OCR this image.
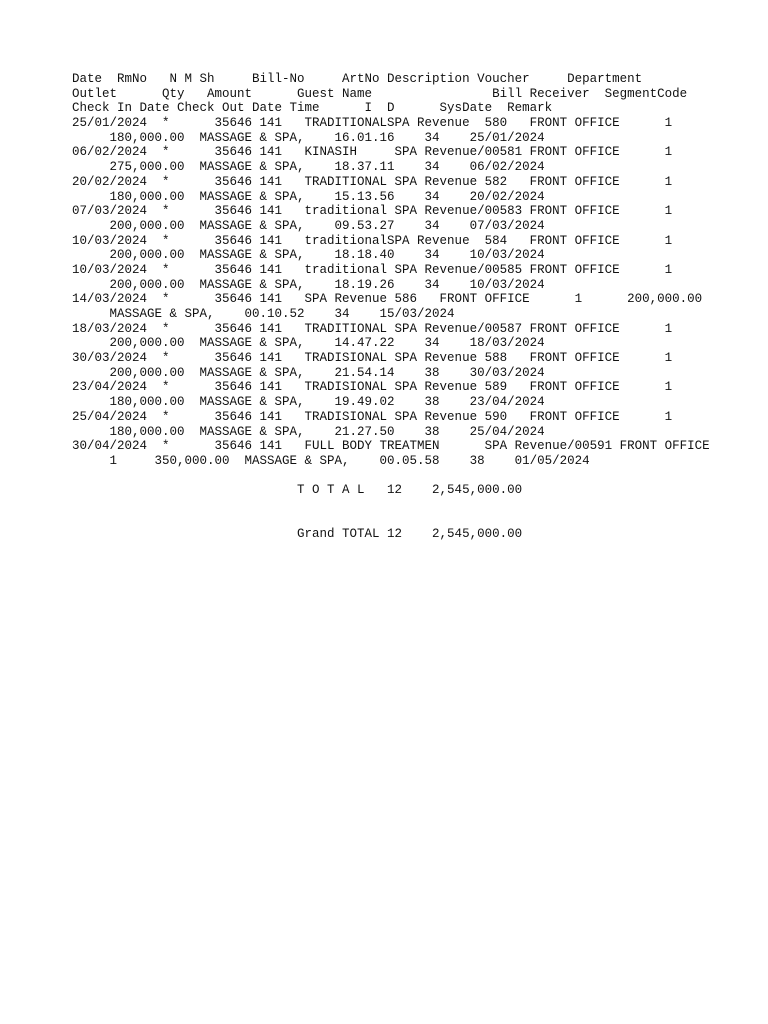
Date  RmNo   N M Sh     Bill-No     ArtNo Description Voucher     Department
Outlet      Qty   Amount      Guest Name                Bill Receiver  SegmentCode
Check In Date Check Out Date Time      I  D      SysDate  Remark
25/01/2024  *      35646 141   TRADITIONALSPA Revenue  580   FRONT OFFICE      1
180,000.00  MASSAGE & SPA,    16.01.16    34    25/01/2024
06/02/2024  *      35646 141   KINASIH     SPA Revenue/00581 FRONT OFFICE      1
275,000.00  MASSAGE & SPA,    18.37.11    34    06/02/2024
20/02/2024  *      35646 141   TRADITIONAL SPA Revenue 582   FRONT OFFICE      1
180,000.00  MASSAGE & SPA,    15.13.56    34    20/02/2024
07/03/2024  *      35646 141   traditional SPA Revenue/00583 FRONT OFFICE      1
200,000.00  MASSAGE & SPA,    09.53.27    34    07/03/2024
10/03/2024  *      35646 141   traditionalSPA Revenue  584   FRONT OFFICE      1
200,000.00  MASSAGE & SPA,    18.18.40    34    10/03/2024
10/03/2024  *      35646 141   traditional SPA Revenue/00585 FRONT OFFICE      1
200,000.00  MASSAGE & SPA,    18.19.26    34    10/03/2024
14/03/2024  *      35646 141   SPA Revenue 586   FRONT OFFICE      1      200,000.00
MASSAGE & SPA,    00.10.52    34    15/03/2024
18/03/2024  *      35646 141   TRADITIONAL SPA Revenue/00587 FRONT OFFICE      1
200,000.00  MASSAGE & SPA,    14.47.22    34    18/03/2024
30/03/2024  *      35646 141   TRADISIONAL SPA Revenue 588   FRONT OFFICE      1
200,000.00  MASSAGE & SPA,    21.54.14    38    30/03/2024
23/04/2024  *      35646 141   TRADISIONAL SPA Revenue 589   FRONT OFFICE      1
180,000.00  MASSAGE & SPA,    19.49.02    38    23/04/2024
25/04/2024  *      35646 141   TRADISIONAL SPA Revenue 590   FRONT OFFICE      1
180,000.00  MASSAGE & SPA,    21.27.50    38    25/04/2024
30/04/2024  *      35646 141   FULL BODY TREATMEN      SPA Revenue/00591 FRONT OFFICE
1     350,000.00  MASSAGE & SPA,    00.05.58    38    01/05/2024
T O T A L   12    2,545,000.00
Grand TOTAL 12    2,545,000.00
